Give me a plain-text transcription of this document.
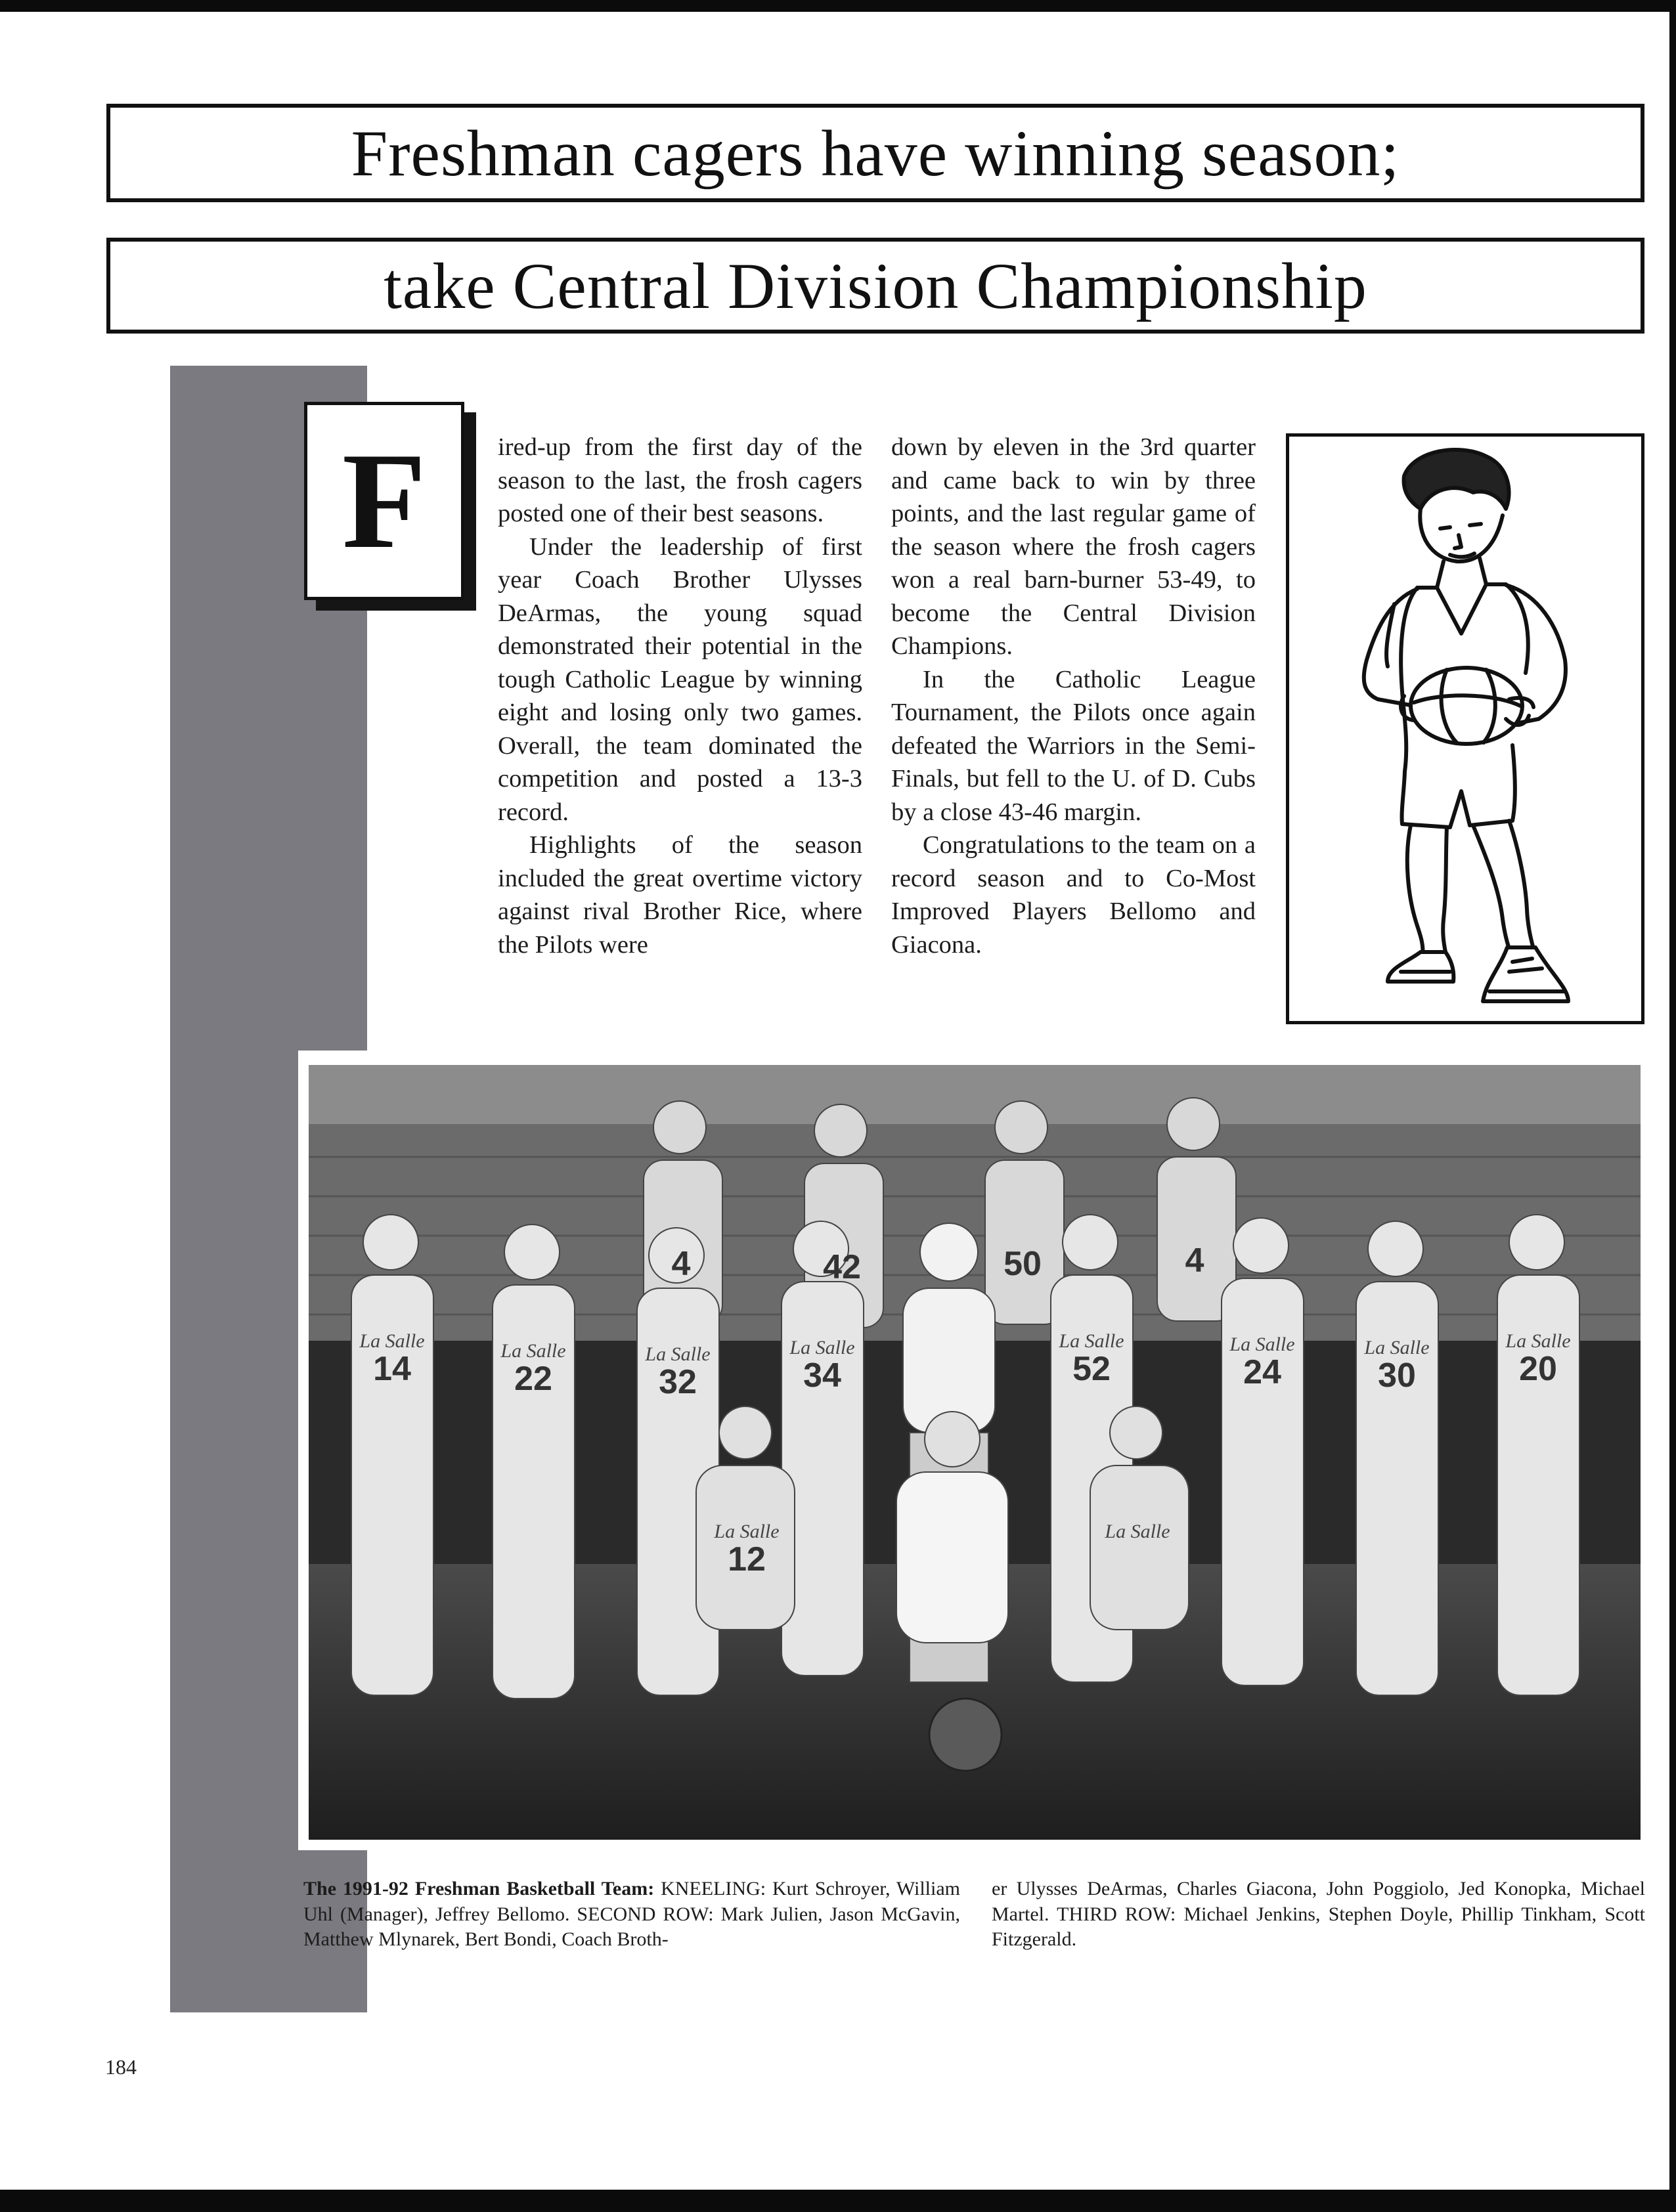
Freshman cagers have winning season;
take Central Division Championship
F	ired-up from the first day of the season to the last, the frosh cagers posted one of their best seasons.

Under the leadership of first year Coach Brother Ulysses DeArmas, the young squad demonstrated their potential in the tough Catholic League by winning eight and losing only two games. Overall, the team dominated the competition and posted a 13-3 record.

Highlights of the season included the great overtime victory against rival Brother Rice, where the Pilots were

down by eleven in the 3rd quarter and came back to win by three points, and the last regular game of the season where the frosh cagers won a real barn-burner 53-49, to become the Central Division Champions.

In the Catholic League Tournament, the Pilots once again defeated the Warriors in the Semi-Finals, but fell to the U. of D. Cubs by a close 43-46 margin.

Congratulations to the team on a record season and to Co-Most Improved Players Bellomo and Giacona.

14	22	32	34	52	24	30	20
4	42	50	4
12
La Salle	La Salle	La Salle	La Salle	La Salle	La Salle	La Salle	La Salle
La Salle	La Salle
The 1991-92 Freshman Basketball Team: KNEELING: Kurt Schroyer, William Uhl (Manager), Jeffrey Bellomo. SECOND ROW: Mark Julien, Jason McGavin, Matthew Mlynarek, Bert Bondi, Coach Broth-
er Ulysses DeArmas, Charles Giacona, John Poggiolo, Jed Konopka, Michael Martel. THIRD ROW: Michael Jenkins, Stephen Doyle, Phillip Tinkham, Scott Fitzgerald.
184
